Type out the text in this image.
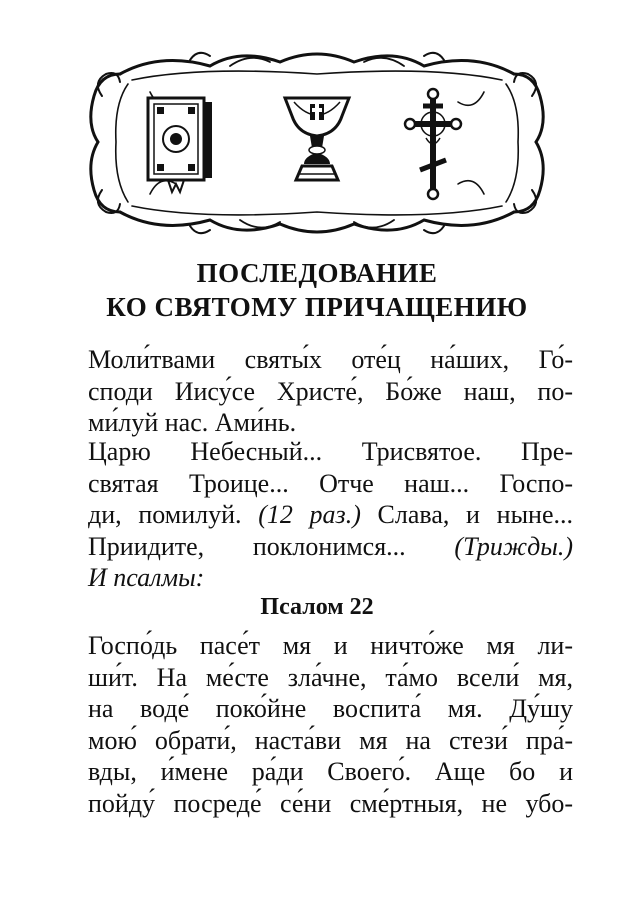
ПОСЛЕДОВАНИЕ
КО СВЯТОМУ ПРИЧАЩЕНИЮ
Моли́твами святы́х оте́ц на́ших, Го́-
споди Иису́се Христе́, Бо́же наш, по-
ми́луй нас. Ами́нь.
Царю Небесный... Трисвятое. Пре-
святая Троице... Отче наш... Госпо-
ди, помилуй. (12 раз.) Слава, и ныне...
Приидите, поклонимся... (Трижды.)
И псалмы:
Псалом 22
Госпо́дь пасе́т мя и ничто́же мя ли-
ши́т. На ме́сте зла́чне, та́мо всели́ мя,
на воде́ поко́йне воспита́ мя. Ду́шу
мою́ обрати́, наста́ви мя на стези́ пра́-
вды, и́мене ра́ди Своего́. Аще бо и
пойду́ посреде́ се́ни сме́ртныя, не убо-
